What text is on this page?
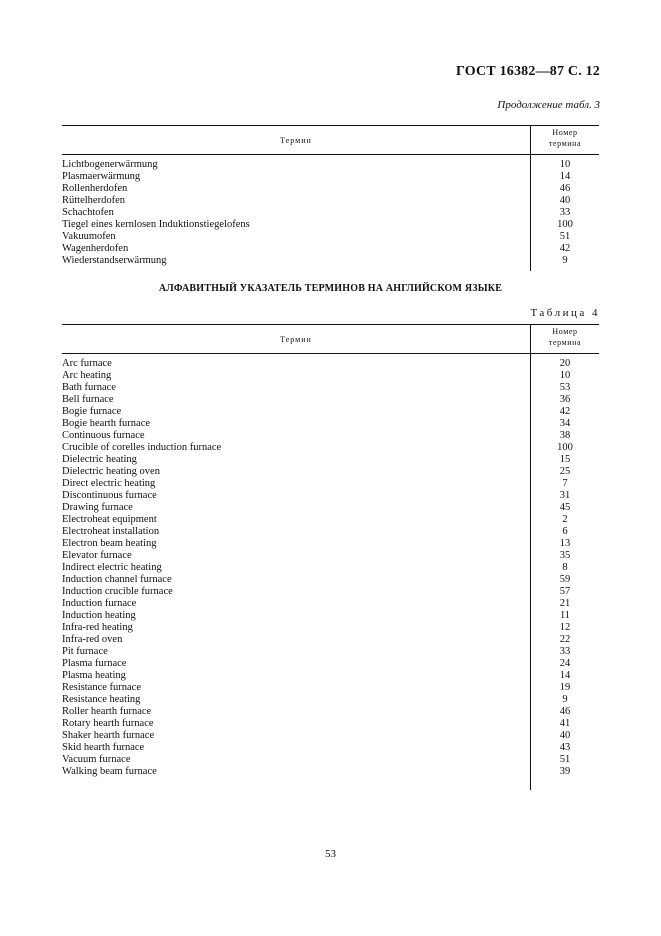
ГОСТ 16382—87 С. 12
Продолжение табл. 3
Термин
Номер
термина
Lichtbogenerwärmung	10
Plasmaerwärmung	14
Rollenherdofen	46
Rüttelherdofen	40
Schachtofen	33
Tiegel eines kernlosen Induktionstiegelofens	100
Vakuumofen	51
Wagenherdofen	42
Wiederstandserwärmung	9
АЛФАВИТНЫЙ УКАЗАТЕЛЬ ТЕРМИНОВ НА АНГЛИЙСКОМ ЯЗЫКЕ
Таблица 4
Термин
Номер
термина
Arc furnace	20
Arc heating	10
Bath furnace	53
Bell furnace	36
Bogie furnace	42
Bogie hearth furnace	34
Continuous furnace	38
Crucible of corelles induction furnace	100
Dielectric heating	15
Dielectric heating oven	25
Direct electric heating	7
Discontinuous furnace	31
Drawing furnace	45
Electroheat equipment	2
Electroheat installation	6
Electron beam heating	13
Elevator furnace	35
Indirect electric heating	8
Induction channel furnace	59
Induction crucible furnace	57
Induction furnace	21
Induction heating	11
Infra-red heating	12
Infra-red oven	22
Pit furnace	33
Plasma furnace	24
Plasma heating	14
Resistance furnace	19
Resistance heating	9
Roller hearth furnace	46
Rotary hearth furnace	41
Shaker hearth furnace	40
Skid hearth furnace	43
Vacuum furnace	51
Walking beam furnace	39
53
